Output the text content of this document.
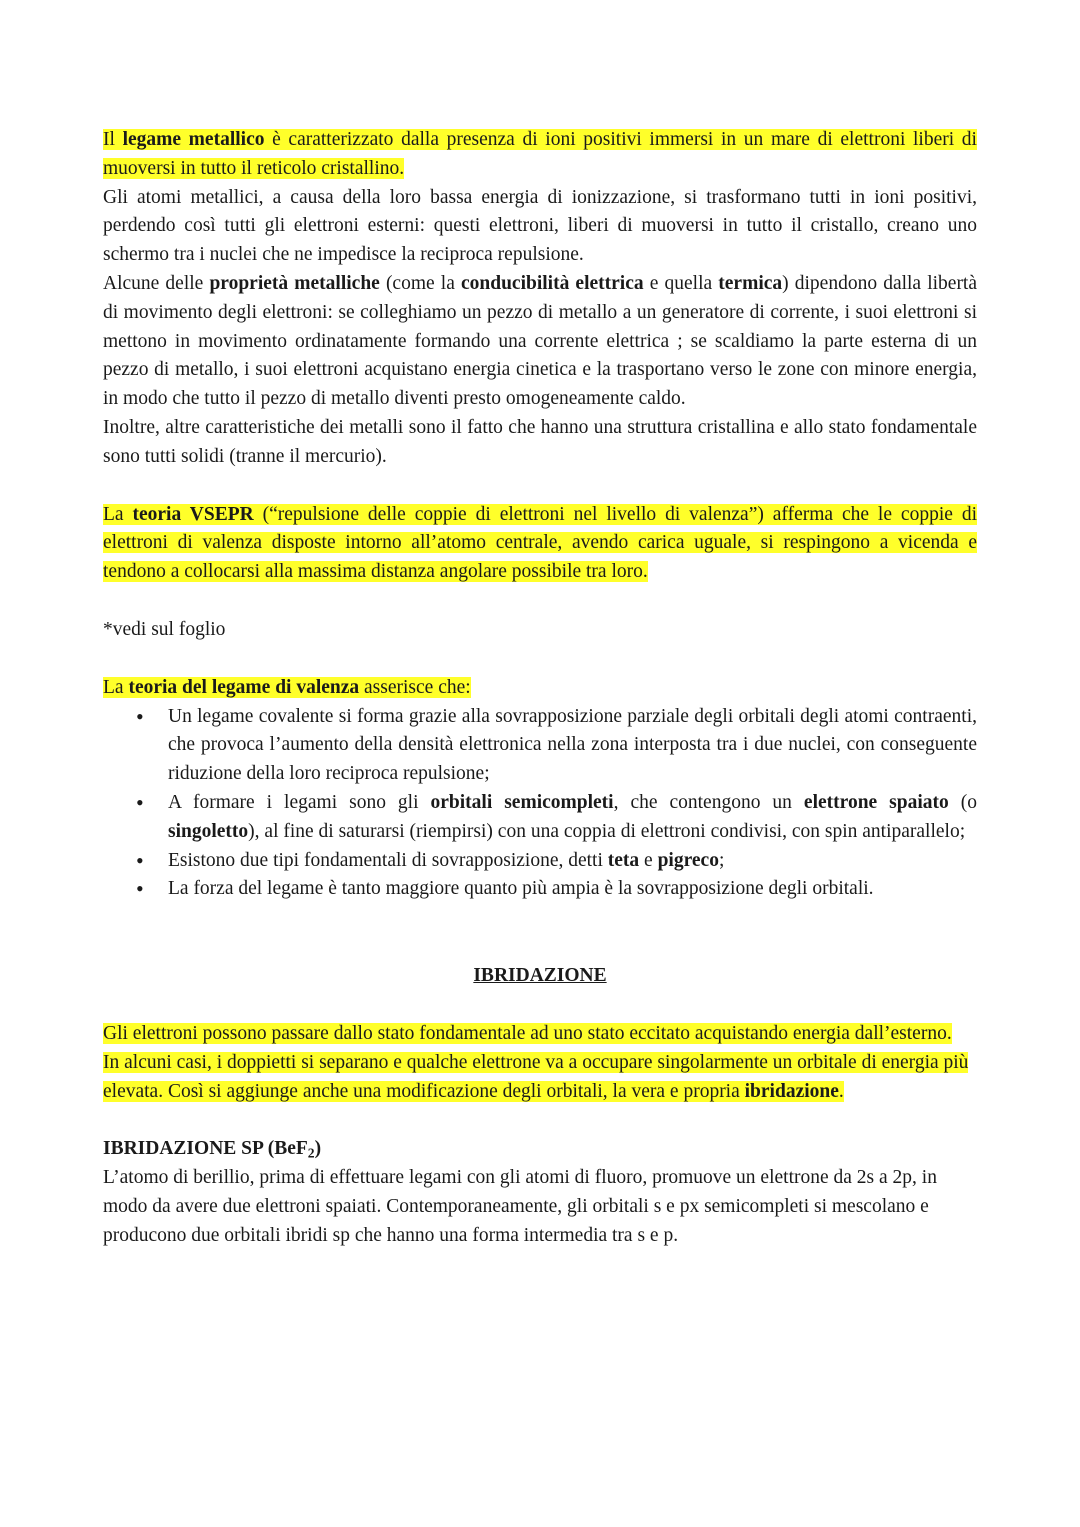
Il legame metallico è caratterizzato dalla presenza di ioni positivi immersi in un mare di elettroni liberi di muoversi in tutto il reticolo cristallino.

Gli atomi metallici, a causa della loro bassa energia di ionizzazione, si trasformano tutti in ioni positivi, perdendo così tutti gli elettroni esterni: questi elettroni, liberi di muoversi in tutto il cristallo, creano uno schermo tra i nuclei che ne impedisce la reciproca repulsione.

Alcune delle proprietà metalliche (come la conducibilità elettrica e quella termica) dipendono dalla libertà di movimento degli elettroni: se colleghiamo un pezzo di metallo a un generatore di corrente, i suoi elettroni si mettono in movimento ordinatamente formando una corrente elettrica ; se scaldiamo la parte esterna di un pezzo di metallo, i suoi elettroni acquistano energia cinetica e la trasportano verso le zone con minore energia, in modo che tutto il pezzo di metallo diventi presto omogeneamente caldo.

Inoltre, altre caratteristiche dei metalli sono il fatto che hanno una struttura cristallina e allo stato fondamentale sono tutti solidi (tranne il mercurio).

La teoria VSEPR (“repulsione delle coppie di elettroni nel livello di valenza”) afferma che le coppie di elettroni di valenza disposte intorno all’atomo centrale, avendo carica uguale, si respingono a vicenda e tendono a collocarsi alla massima distanza angolare possibile tra loro.

*vedi sul foglio

La teoria del legame di valenza asserisce che:

• Un legame covalente si forma grazie alla sovrapposizione parziale degli orbitali degli atomi contraenti, che provoca l’aumento della densità elettronica nella zona interposta tra i due nuclei, con conseguente riduzione della loro reciproca repulsione;
• A formare i legami sono gli orbitali semicompleti, che contengono un elettrone spaiato (o singoletto), al fine di saturarsi (riempirsi) con una coppia di elettroni condivisi, con spin antiparallelo;
• Esistono due tipi fondamentali di sovrapposizione, detti teta e pigreco;
• La forza del legame è tanto maggiore quanto più ampia è la sovrapposizione degli orbitali.

IBRIDAZIONE

Gli elettroni possono passare dallo stato fondamentale ad uno stato eccitato acquistando energia dall’esterno. In alcuni casi, i doppietti si separano e qualche elettrone va a occupare singolarmente un orbitale di energia più elevata. Così si aggiunge anche una modificazione degli orbitali, la vera e propria ibridazione.

IBRIDAZIONE SP (BeF$_2$)

L’atomo di berillio, prima di effettuare legami con gli atomi di fluoro, promuove un elettrone da 2s a 2p, in modo da avere due elettroni spaiati. Contemporaneamente, gli orbitali s e px semicompleti si mescolano e producono due orbitali ibridi sp che hanno una forma intermedia tra s e p.
